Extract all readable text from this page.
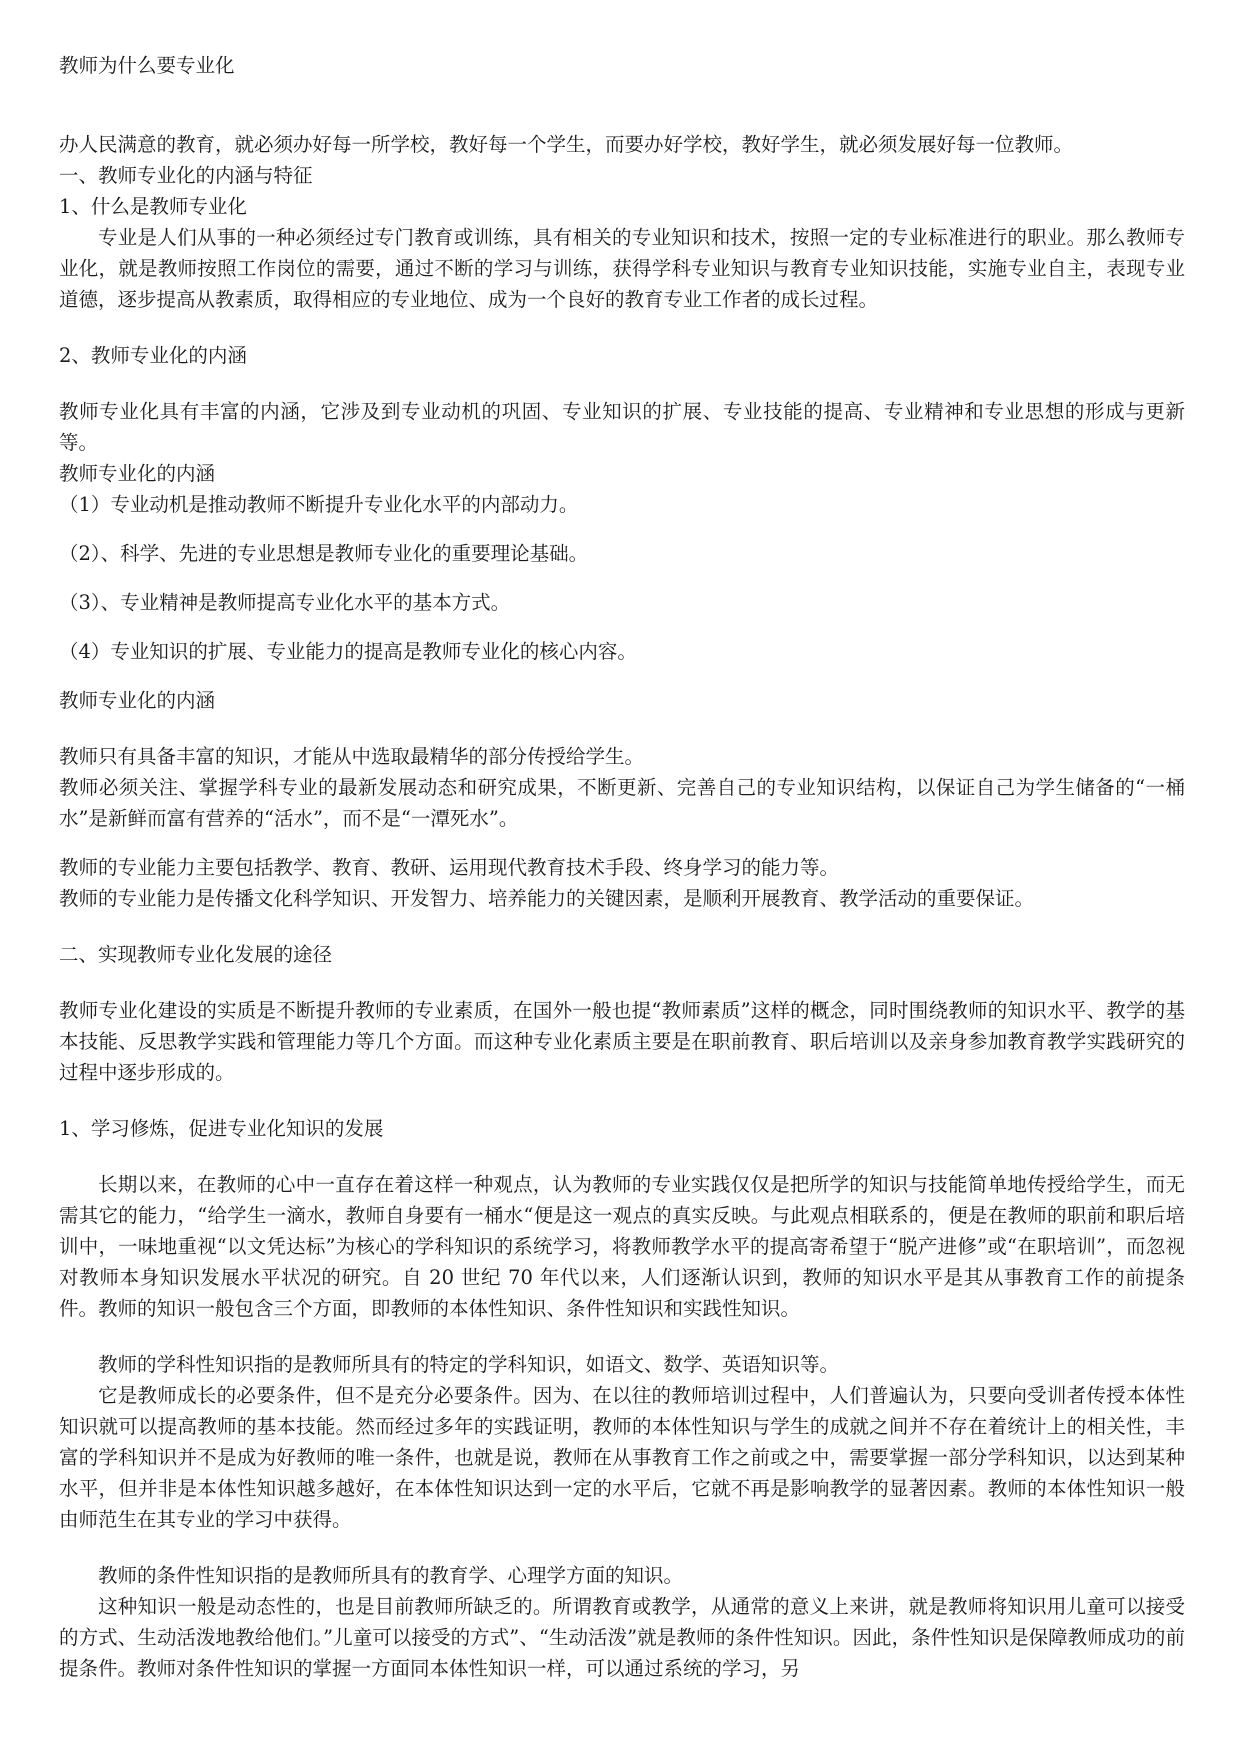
教师为什么要专业化

办人民满意的教育，就必须办好每一所学校，教好每一个学生，而要办好学校，教好学生，就必须发展好每一位教师。

一、教师专业化的内涵与特征

1、什么是教师专业化

专业是人们从事的一种必须经过专门教育或训练，具有相关的专业知识和技术，按照一定的专业标准进行的职业。那么教师专业化，就是教师按照工作岗位的需要，通过不断的学习与训练，获得学科专业知识与教育专业知识技能，实施专业自主，表现专业道德，逐步提高从教素质，取得相应的专业地位、成为一个良好的教育专业工作者的成长过程。

2、教师专业化的内涵

教师专业化具有丰富的内涵，它涉及到专业动机的巩固、专业知识的扩展、专业技能的提高、专业精神和专业思想的形成与更新等。

教师专业化的内涵

（1）专业动机是推动教师不断提升专业化水平的内部动力。

（2）、科学、先进的专业思想是教师专业化的重要理论基础。

（3）、专业精神是教师提高专业化水平的基本方式。

（4）专业知识的扩展、专业能力的提高是教师专业化的核心内容。

教师专业化的内涵

教师只有具备丰富的知识，才能从中选取最精华的部分传授给学生。

教师必须关注、掌握学科专业的最新发展动态和研究成果，不断更新、完善自己的专业知识结构，以保证自己为学生储备的“一桶水”是新鲜而富有营养的“活水”，而不是“一潭死水”。

教师的专业能力主要包括教学、教育、教研、运用现代教育技术手段、终身学习的能力等。

教师的专业能力是传播文化科学知识、开发智力、培养能力的关键因素，是顺利开展教育、教学活动的重要保证。

二、实现教师专业化发展的途径

教师专业化建设的实质是不断提升教师的专业素质，在国外一般也提“教师素质”这样的概念，同时围绕教师的知识水平、教学的基本技能、反思教学实践和管理能力等几个方面。而这种专业化素质主要是在职前教育、职后培训以及亲身参加教育教学实践研究的过程中逐步形成的。

1、学习修炼，促进专业化知识的发展

长期以来，在教师的心中一直存在着这样一种观点，认为教师的专业实践仅仅是把所学的知识与技能简单地传授给学生，而无需其它的能力，“给学生一滴水，教师自身要有一桶水“便是这一观点的真实反映。与此观点相联系的，便是在教师的职前和职后培训中，一味地重视“以文凭达标”为核心的学科知识的系统学习，将教师教学水平的提高寄希望于“脱产进修”或“在职培训”，而忽视对教师本身知识发展水平状况的研究。自 20 世纪 70 年代以来，人们逐渐认识到，教师的知识水平是其从事教育工作的前提条件。教师的知识一般包含三个方面，即教师的本体性知识、条件性知识和实践性知识。

教师的学科性知识指的是教师所具有的特定的学科知识，如语文、数学、英语知识等。

它是教师成长的必要条件，但不是充分必要条件。因为、在以往的教师培训过程中，人们普遍认为，只要向受训者传授本体性知识就可以提高教师的基本技能。然而经过多年的实践证明，教师的本体性知识与学生的成就之间并不存在着统计上的相关性，丰富的学科知识并不是成为好教师的唯一条件，也就是说，教师在从事教育工作之前或之中，需要掌握一部分学科知识，以达到某种水平，但并非是本体性知识越多越好，在本体性知识达到一定的水平后，它就不再是影响教学的显著因素。教师的本体性知识一般由师范生在其专业的学习中获得。

教师的条件性知识指的是教师所具有的教育学、心理学方面的知识。

这种知识一般是动态性的，也是目前教师所缺乏的。所谓教育或教学，从通常的意义上来讲，就是教师将知识用儿童可以接受的方式、生动活泼地教给他们。”儿童可以接受的方式”、“生动活泼”就是教师的条件性知识。因此，条件性知识是保障教师成功的前提条件。教师对条件性知识的掌握一方面同本体性知识一样，可以通过系统的学习，另
